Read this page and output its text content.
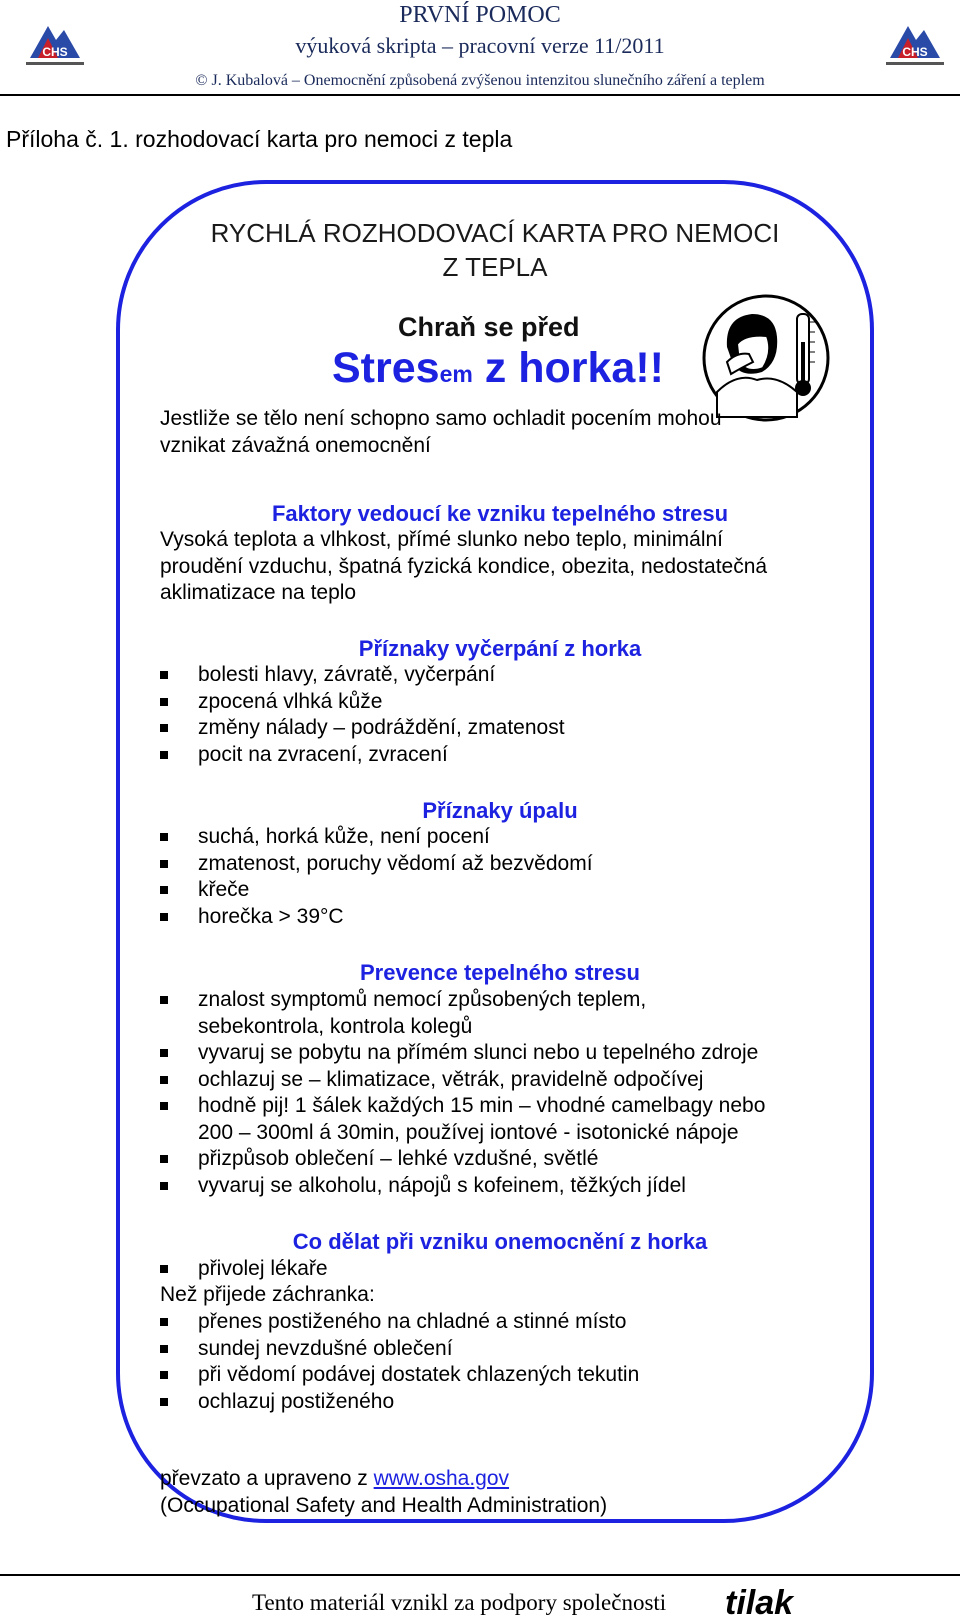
CHS
PRVNÍ POMOC
výuková skripta – pracovní verze 11/2011
© J. Kubalová – Onemocnění způsobená zvýšenou intenzitou slunečního záření a teplem
CHS
Příloha č. 1. rozhodovací karta pro nemoci z tepla
RYCHLÁ ROZHODOVACÍ KARTA PRO NEMOCI
Z TEPLA
Chraň se před
Stresem z horka!!
Jestliže se tělo není schopno samo ochladit pocením mohou
vznikat závažná onemocnění
Faktory vedoucí ke vzniku tepelného stresu
Vysoká teplota a vlhkost, přímé slunko nebo teplo, minimální
proudění vzduchu, špatná fyzická kondice, obezita, nedostatečná
aklimatizace na teplo
Příznaky vyčerpání z horka
bolesti hlavy, závratě, vyčerpání
zpocená vlhká kůže
změny nálady – podráždění, zmatenost
pocit na zvracení, zvracení
Příznaky úpalu
suchá, horká kůže, není pocení
zmatenost, poruchy vědomí až bezvědomí
křeče
horečka > 39°C
Prevence tepelného stresu
znalost symptomů nemocí způsobených teplem,
sebekontrola, kontrola kolegů
vyvaruj se pobytu na přímém slunci nebo u tepelného zdroje
ochlazuj se – klimatizace, větrák, pravidelně odpočívej
hodně pij! 1 šálek každých 15 min – vhodné camelbagy nebo
200 – 300ml á 30min, používej iontové - isotonické nápoje
přizpůsob oblečení – lehké vzdušné, světlé
vyvaruj se alkoholu, nápojů s kofeinem, těžkých jídel
Co dělat při vzniku onemocnění z horka
přivolej lékaře
Než přijede záchranka:
přenes postiženého na chladné a stinné místo
sundej nevzdušné oblečení
při vědomí podávej dostatek chlazených tekutin
ochlazuj postiženého
převzato a upraveno z www.osha.gov
(Occupational Safety and Health Administration)
Tento materiál vznikl za podpory společnosti tilak
